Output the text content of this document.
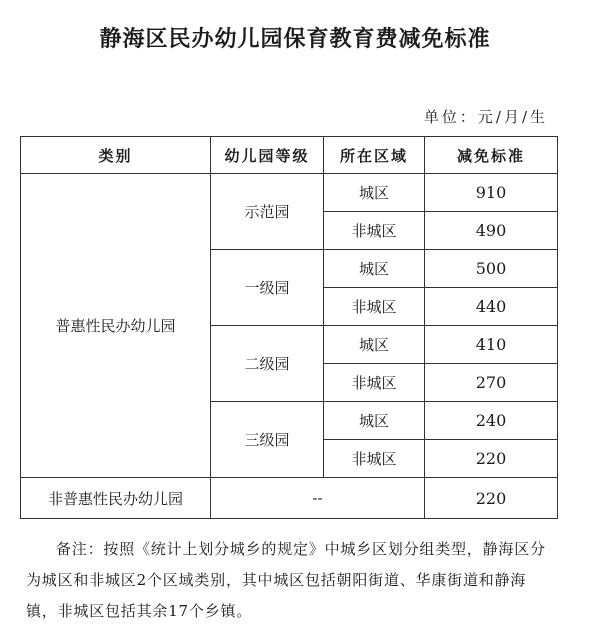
静海区民办幼儿园保育教育费减免标准
单位：元/月/生
类别	幼儿园等级	所在区域	减免标准
普惠性民办幼儿园	示范园	城区	910
		非城区	490
	一级园	城区	500
		非城区	440
	二级园	城区	410
		非城区	270
	三级园	城区	240
		非城区	220
非普惠性民办幼儿园	--		220
备注：按照《统计上划分城乡的规定》中城乡区划分组类型，静海区分为城区和非城区2个区域类别，其中城区包括朝阳街道、华康街道和静海镇，非城区包括其余17个乡镇。
